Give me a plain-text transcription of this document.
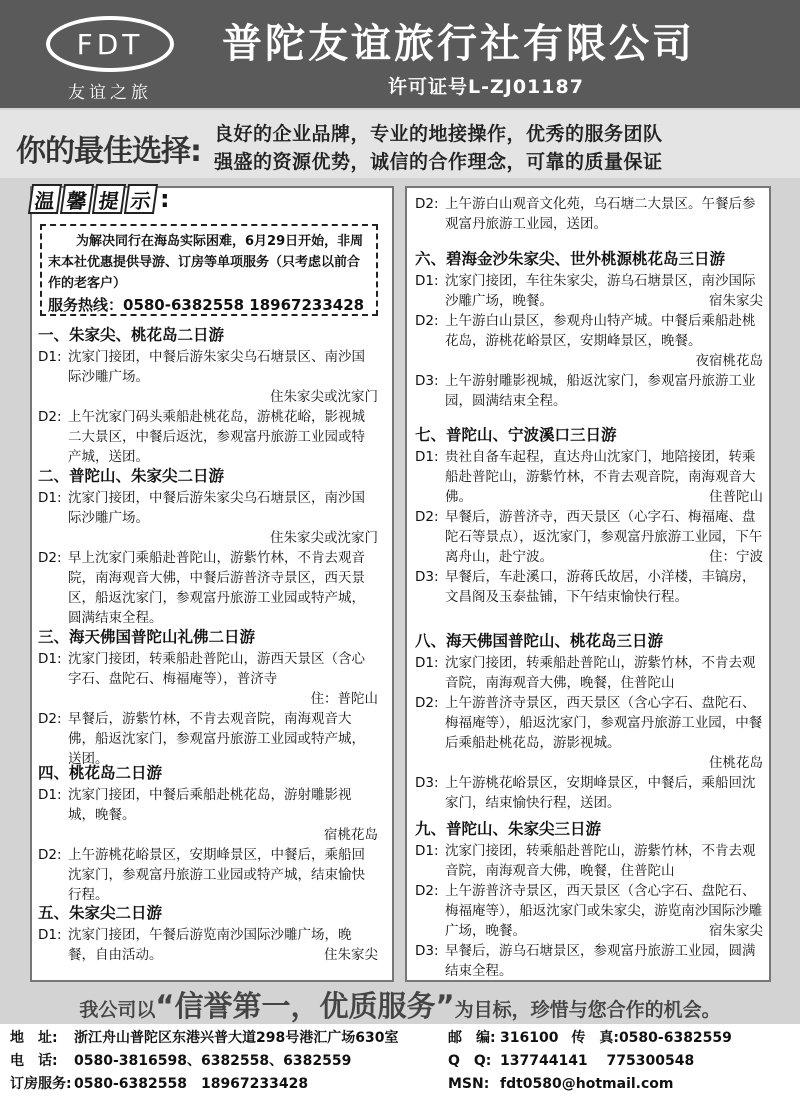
FDT
友谊之旅
普陀友谊旅行社有限公司
许可证号L-ZJ01187
你的最佳选择: 良好的企业品牌，专业的地接操作，优秀的服务团队
强盛的资源优势，诚信的合作理念，可靠的质量保证
温 馨 提 示 :
为解决同行在海岛实际困难，6月29日开始，非周末本社优惠提供导游、订房等单项服务（只考虑以前合作的老客户）
服务热线：0580-6382558 18967233428
一、朱家尖、桃花岛二日游
D1: 沈家门接团，中餐后游朱家尖乌石塘景区、南沙国际沙雕广场。
住朱家尖或沈家门
D2: 上午沈家门码头乘船赴桃花岛，游桃花峪，影视城二大景区，中餐后返沈，参观富丹旅游工业园或特产城，送团。
二、普陀山、朱家尖二日游
D1: 沈家门接团，中餐后游朱家尖乌石塘景区，南沙国际沙雕广场。
住朱家尖或沈家门
D2: 早上沈家门乘船赴普陀山，游紫竹林，不肯去观音院，南海观音大佛，中餐后游普济寺景区，西天景区，船返沈家门，参观富丹旅游工业园或特产城，圆满结束全程。
三、海天佛国普陀山礼佛二日游
D1: 沈家门接团，转乘船赴普陀山，游西天景区（含心字石、盘陀石、梅福庵等），普济寺
住：普陀山
D2: 早餐后，游紫竹林，不肯去观音院，南海观音大佛，船返沈家门，参观富丹旅游工业园或特产城，送团。
四、桃花岛二日游
D1: 沈家门接团，中餐后乘船赴桃花岛，游射雕影视城，晚餐。
宿桃花岛
D2: 上午游桃花峪景区，安期峰景区，中餐后，乘船回沈家门，参观富丹旅游工业园或特产城，结束愉快行程。
五、朱家尖二日游
D1: 沈家门接团，午餐后游览南沙国际沙雕广场，晚餐，自由活动。	住朱家尖
D2: 上午游白山观音文化苑，乌石塘二大景区。午餐后参观富丹旅游工业园，送团。
六、碧海金沙朱家尖、世外桃源桃花岛三日游
D1: 沈家门接团，车往朱家尖，游乌石塘景区，南沙国际沙雕广场，晚餐。	宿朱家尖
D2: 上午游白山景区，参观舟山特产城。中餐后乘船赴桃花岛，游桃花峪景区，安期峰景区，晚餐。
夜宿桃花岛
D3: 上午游射雕影视城，船返沈家门，参观富丹旅游工业园，圆满结束全程。
七、普陀山、宁波溪口三日游
D1: 贵社自备车起程，直达舟山沈家门，地陪接团，转乘船赴普陀山，游紫竹林，不肯去观音院，南海观音大佛。	住普陀山
D2: 早餐后，游普济寺，西天景区（心字石、梅福庵、盘陀石等景点），返沈家门，参观富丹旅游工业园，下午离舟山，赴宁波。	住：宁波
D3: 早餐后，车赴溪口，游蒋氏故居，小洋楼，丰镐房，文昌阁及玉泰盐铺，下午结束愉快行程。
八、海天佛国普陀山、桃花岛三日游
D1: 沈家门接团，转乘船赴普陀山，游紫竹林，不肯去观音院，南海观音大佛，晚餐，住普陀山
D2: 上午游普济寺景区，西天景区（含心字石、盘陀石、梅福庵等），船返沈家门，参观富丹旅游工业园，中餐后乘船赴桃花岛，游影视城。
住桃花岛
D3: 上午游桃花峪景区，安期峰景区，中餐后，乘船回沈家门，结束愉快行程，送团。
九、普陀山、朱家尖三日游
D1: 沈家门接团，转乘船赴普陀山，游紫竹林，不肯去观音院，南海观音大佛，晚餐，住普陀山
D2: 上午游普济寺景区，西天景区（含心字石、盘陀石、梅福庵等），船返沈家门或朱家尖，游览南沙国际沙雕广场，晚餐。	宿朱家尖
D3: 早餐后，游乌石塘景区，参观富丹旅游工业园，圆满结束全程。
我公司以“信誉第一，优质服务”为目标，珍惜与您合作的机会。
地　址: 浙江舟山普陀区东港兴普大道298号港汇广场630室
电　话: 0580-3816598、6382558、6382559
订房服务: 0580-6382558　18967233428
邮　编: 316100 传　真:0580-6382559
Q　Q: 137744141　 775300548
MSN: fdt0580@hotmail.com
